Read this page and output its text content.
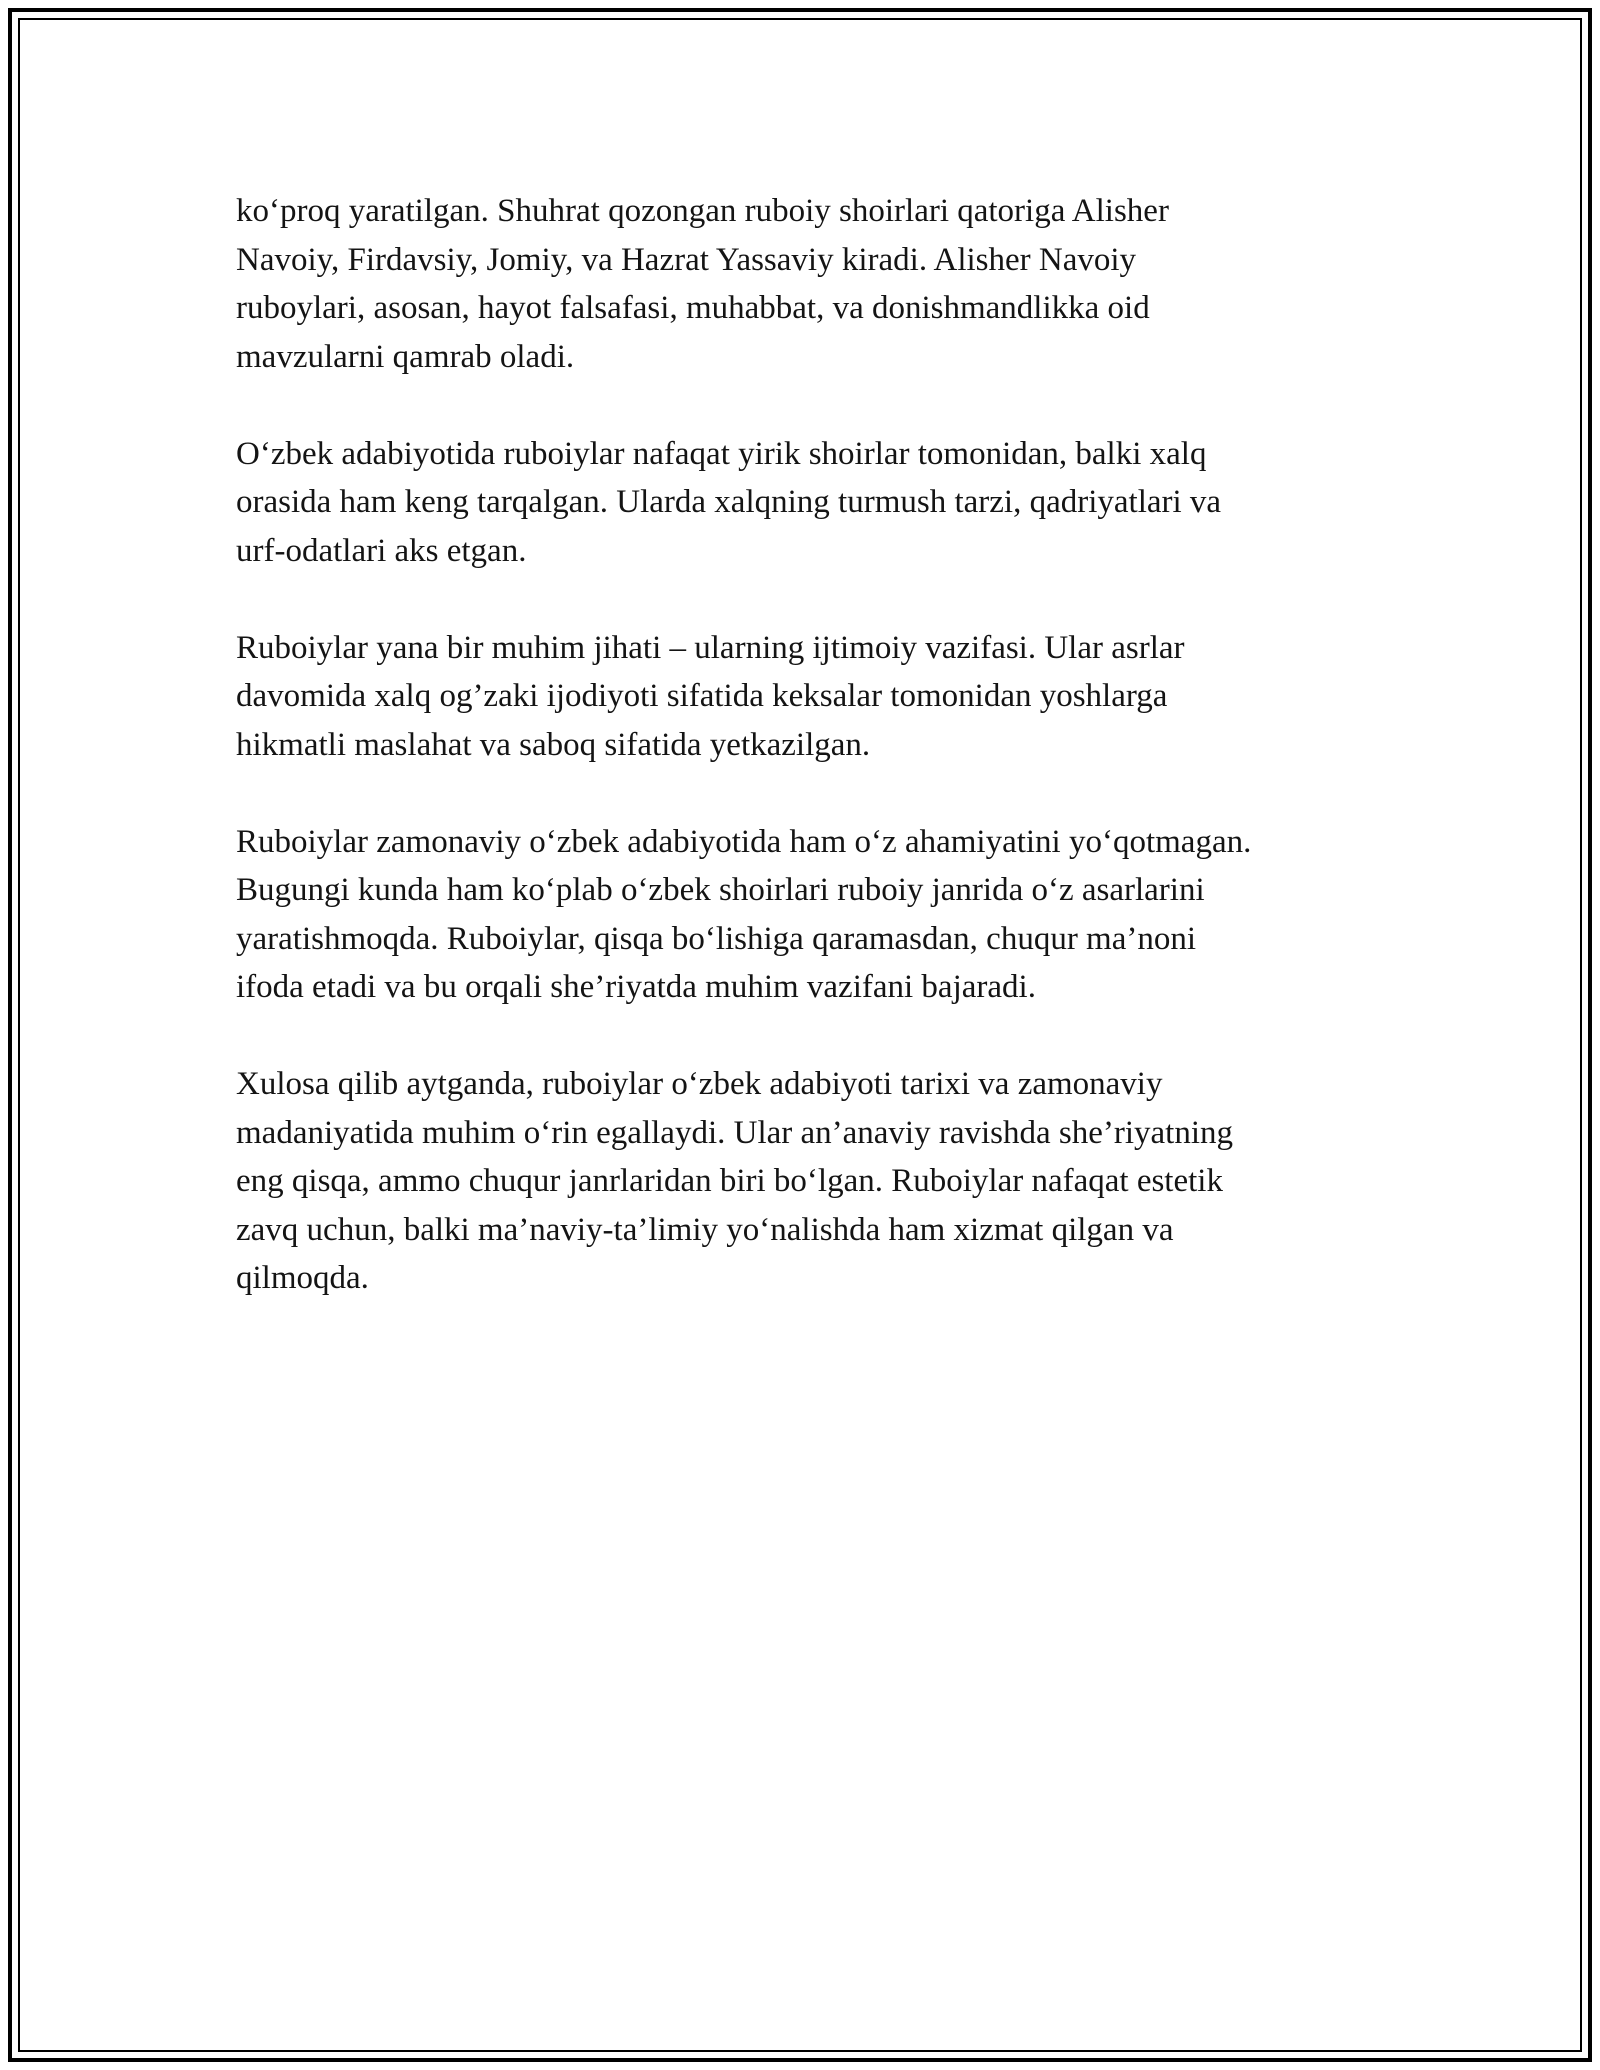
ko‘proq yaratilgan. Shuhrat qozongan ruboiy shoirlari qatoriga Alisher
Navoiy, Firdavsiy, Jomiy, va Hazrat Yassaviy kiradi. Alisher Navoiy
ruboylari, asosan, hayot falsafasi, muhabbat, va donishmandlikka oid
mavzularni qamrab oladi.

O‘zbek adabiyotida ruboiylar nafaqat yirik shoirlar tomonidan, balki xalq
orasida ham keng tarqalgan. Ularda xalqning turmush tarzi, qadriyatlari va
urf-odatlari aks etgan.

Ruboiylar yana bir muhim jihati – ularning ijtimoiy vazifasi. Ular asrlar
davomida xalq og’zaki ijodiyoti sifatida keksalar tomonidan yoshlarga
hikmatli maslahat va saboq sifatida yetkazilgan.

Ruboiylar zamonaviy o‘zbek adabiyotida ham o‘z ahamiyatini yo‘qotmagan.
Bugungi kunda ham ko‘plab o‘zbek shoirlari ruboiy janrida o‘z asarlarini
yaratishmoqda. Ruboiylar, qisqa bo‘lishiga qaramasdan, chuqur ma’noni
ifoda etadi va bu orqali she’riyatda muhim vazifani bajaradi.

Xulosa qilib aytganda, ruboiylar o‘zbek adabiyoti tarixi va zamonaviy
madaniyatida muhim o‘rin egallaydi. Ular an’anaviy ravishda she’riyatning
eng qisqa, ammo chuqur janrlaridan biri bo‘lgan. Ruboiylar nafaqat estetik
zavq uchun, balki ma’naviy-ta’limiy yo‘nalishda ham xizmat qilgan va
qilmoqda.
